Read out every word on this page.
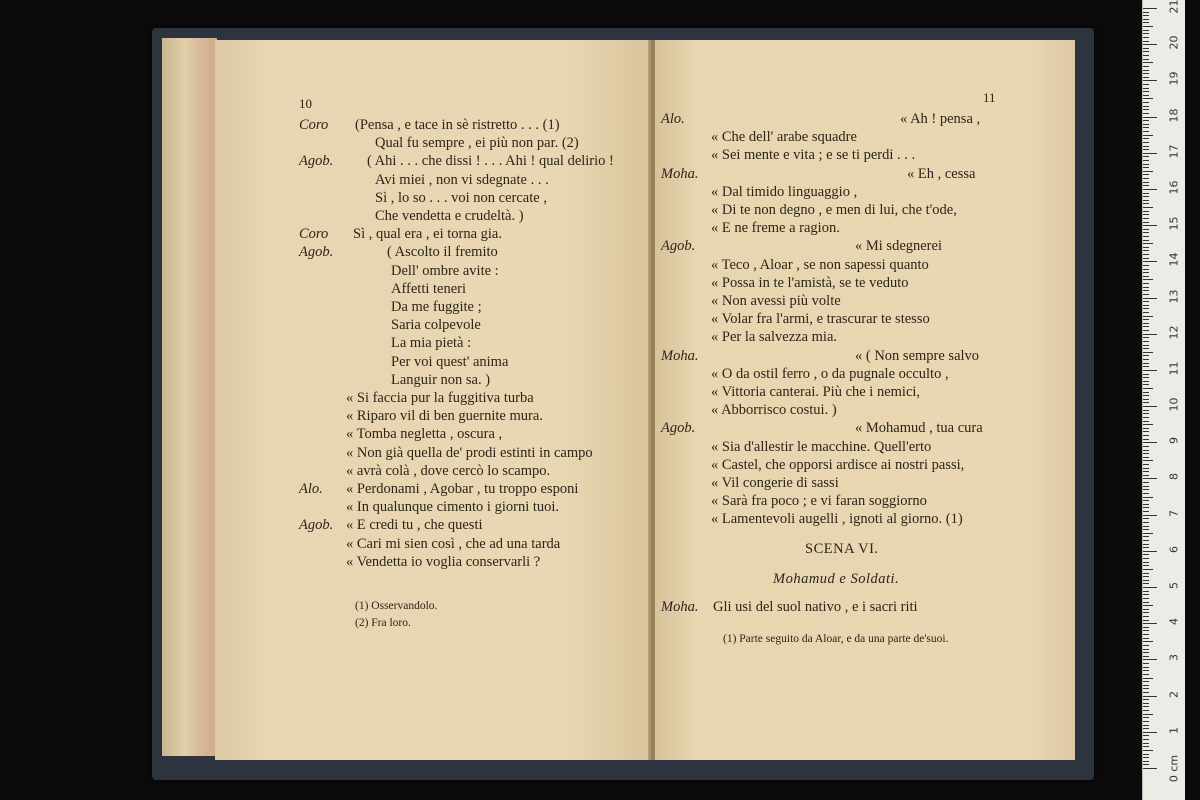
10
Coro (Pensa , e tace in sè ristretto . . . (1)
Qual fu sempre , ei più non par. (2)
Agob. ( Ahi . . . che dissi ! . . . Ahi ! qual delirio !
Avi miei , non vi sdegnate . . .
Sì , lo so . . . voi non cercate ,
Che vendetta e crudeltà. )
Coro Sì , qual era , ei torna gia.
Agob.	( Ascolto il fremito
Dell' ombre avite :
Affetti teneri
Da me fuggite ;
Saria colpevole
La mia pietà :
Per voi quest' anima
Languir non sa. )
« Si faccia pur la fuggitiva turba
« Riparo vil di ben guernite mura.
« Tomba negletta , oscura ,
« Non già quella de' prodi estinti in campo
« avrà colà , dove cercò lo scampo.
Alo. « Perdonami , Agobar , tu troppo esponi
« In qualunque cimento i giorni tuoi.
Agob. « E credi tu , che questi
« Cari mi sien così , che ad una tarda
« Vendetta io voglia conservarli ?
(1) Osservandolo.
(2) Fra loro.
11
Alo.	« Ah ! pensa ,
« Che dell' arabe squadre
« Sei mente e vita ; e se ti perdi . . .
Moha.	« Eh , cessa
« Dal timido linguaggio ,
« Di te non degno , e men di lui, che t'ode,
« E ne freme a ragion.
Agob.	« Mi sdegnerei
« Teco , Aloar , se non sapessi quanto
« Possa in te l'amistà, se te veduto
« Non avessi più volte
« Volar fra l'armi, e trascurar te stesso
« Per la salvezza mia.
Moha.	« ( Non sempre salvo
« O da ostil ferro , o da pugnale occulto ,
« Vittoria canterai. Più che i nemici,
« Abborrisco costui. )
Agob.	« Mohamud , tua cura
« Sia d'allestir le macchine. Quell'erto
« Castel, che opporsi ardisce ai nostri passi,
« Vil congerie di sassi
« Sarà fra poco ; e vi faran soggiorno
« Lamentevoli augelli , ignoti al giorno. (1)
SCENA VI.
Mohamud e Soldati.
Moha. Gli usi del suol nativo , e i sacri riti
(1) Parte seguito da Aloar, e da una parte de'suoi.
0 cm
1
2
3
4
5
6
7
8
9
10
11
12
13
14
15
16
17
18
19
20
21
